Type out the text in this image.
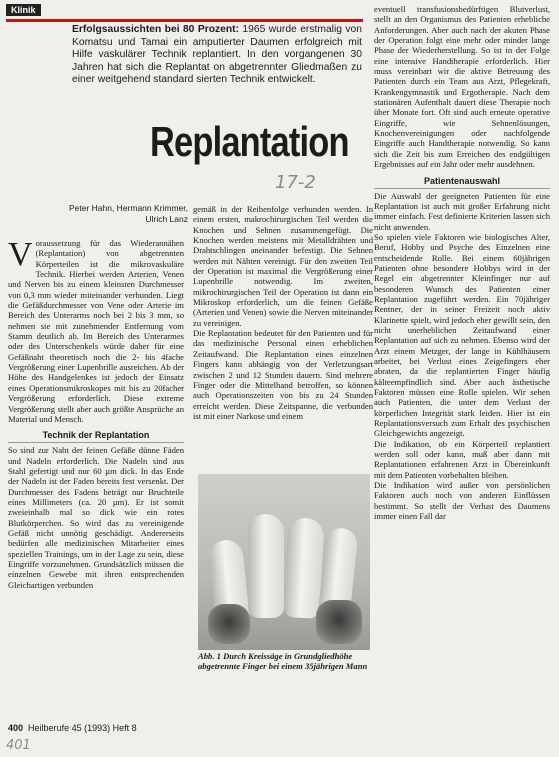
Klinik
Erfolgsaussichten bei 80 Prozent: 1965 wurde erstmalig von Komatsu und Tamai ein amputierter Daumen erfolgreich mit Hilfe vaskulärer Technik replantiert. In den vorgangenen 30 Jahren hat sich die Replantat on abgetrennter Gliedmaßen zu einer weitgehend standard sierten Technik entwickelt.
Replantation
17-2
Peter Hahn, Hermann Krimmer,
Ulrich Lanz

Voraussetzung für das Wiederannähen (Replantation) von abgetrennten Körperteilen ist die mikrovaskuläre Technik. Hierbei werden Arterien, Venen und Nerven bis zu einem kleinsten Durchmesser von 0,3 mm wieder miteinander verbunden. Liegt die Gefäßdurchmesser von Vene oder Arterie im Bereich des Unterarms noch bei 2 bis 3 mm, so nehmen sie mit zunehmender Entfernung vom Stamm deutlich ab. Im Bereich des Unterarmes oder des Unterschenkels würde daher für eine Gefäßnaht theoretisch noch die 2- bis 4fache Vergrößerung einer Lupenbrille ausreichen. Ab der Höhe des Handgelenkes ist jedoch der Einsatz eines Operationsmikroskopes mit bis zu 20facher Vergrößerung erforderlich. Diese extreme Vergrößerung stellt aber auch größte Ansprüche an Material und Mensch.

Technik der Replantation

So sind zur Naht der feinen Gefäße dünne Fäden und Nadeln erforderlich. Die Nadeln sind aus Stahl gefertigt und nur 60 µm dick. In das Ende der Nadeln ist der Faden bereits fest versenkt. Der Durchmesser des Fadens beträgt nur Bruchteile eines Millimeters (ca. 20 µm). Er ist somit zweieinhalb mal so dick wie ein rotes Blutkörperchen. So wird das zu vereinigende Gefäß nicht unnötig geschädigt. Andererseits bedürfen alle medizinischen Mitarbeiter eines speziellen Trainings, um in der Lage zu sein, diese Eingriffe vorzunehmen. Grundsätzlich müssen die einzelnen Gewebe mit ihren entsprechenden Gleichartigen verbunden

gemäß in der Reihenfolge verbunden werden. In einem ersten, makrochirurgischen Teil werden die Knochen und Sehnen zusammengefügt. Die Knochen werden meistens mit Metalldrähten und Drahtschlingen aneinander befestigt. Die Sehnen werden mit Nähten vereinigt. Für den zweiten Teil der Operation ist maximal die Vergrößerung einer Lupenbrille notwendig. Im zweiten, mikrochirurgischen Teil der Operation ist dann ein Mikroskop erforderlich, um die feinen Gefäße (Arterien und Venen) sowie die Nerven miteinander zu vereinigen.

Die Replantation bedeutet für den Patienten und für das medizinische Personal einen erheblichen Zeitaufwand. Die Replantation eines einzelnen Fingers kann abhängig von der Verletzungsart zwischen 2 und 12 Stunden dauern. Sind mehrere Finger oder die Mittelhand betroffen, so können auch Operationszeiten von bis zu 24 Stunden erreicht werden. Diese Zeitspanne, die verbunden ist mit einer Narkose und einem

Abb. 1 Durch Kreissäge in Grundgliedhöhe abgetrennte Finger bei einem 35jährigen Mann

eventuell transfusionsbedürftigen Blutverlust, stellt an den Organismus des Patienten erhebliche Anforderungen. Aber auch nach der akuten Phase der Operation folgt eine mehr oder minder lange Phase der Wiederherstellung. So ist in der Folge eine intensive Handtherapie erforderlich. Hier muss vereinbart wir die aktive Betreuung des Patienten durch ein Team aus Arzt, Pflegekraft, Krankengymnastik und Ergotherapie. Nach dem stationären Aufenthalt dauert diese Therapie noch über Monate fort. Oft sind auch erneute operative Eingriffe, wie Sehnenlösungen, Knochenvereinigungen oder nachfolgende Eingriffe auch Handtherapie notwendig. So kann sich die Zeit bis zum Erreichen des endgültigen Ergebnisses auf ein Jahr oder mehr ausdehnen.

Patientenauswahl

Die Auswahl der geeigneten Patienten für eine Replantation ist auch mit großer Erfahrung nicht immer einfach. Fest definierte Kriterien lassen sich nicht anwenden.

So spielen viele Faktoren wie biologisches Alter, Beruf, Hobby und Psyche des Einzelnen eine entscheidende Rolle. Bei einem 60jährigen Patienten ohne besondere Hobbys wird in der Regel ein abgetrennter Kleinfinger nur auf besonderen Wunsch des Patienten einer Replantation zugeführt werden. Ein 70jähriger Rentner, der in seiner Freizeit noch aktiv Klarinette spielt, wird jedoch eher gewillt sein, den nicht unerheblichen Zeitaufwand einer Replantation auf sich zu nehmen. Ebenso wird der Arzt einem Metzger, der lange in Kühlhäusern arbeitet, bei Verlust eines Zeigefingers eher abraten, da die replantierten Finger häufig kälteempfindlich sind. Aber auch ästhetische Faktoren müssen eine Rolle spielen. Wir sehen auch Patienten, die unter dem Verlust der körperlichen Integrität stark leiden. Hier ist ein Replantationsversuch zum Erhalt des psychischen Gleichgewichts angezeigt.

Die Indikation, ob ein Körperteil replantiert werden soll oder kann, muß aber dann mit Replantationen erfahrenen Arzt in Übereinkunft mit dem Patienten vorbehalten bleiben.

Die Indikation wird außer von persönlichen Faktoren auch noch von anderen Einflüssen bestimmt. So stellt der Verlust des Daumens immer einen Fall dar

400 Heilberufe 45 (1993) Heft 8
401
